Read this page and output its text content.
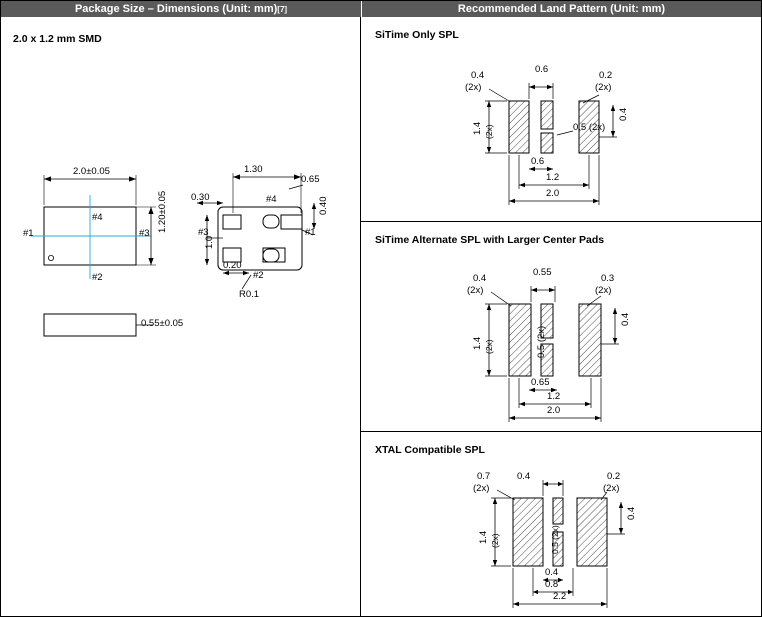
Package Size – Dimensions (Unit: mm) [7]	Recommended Land Pattern (Unit: mm)
2.0 x 1.2 mm SMD
2.0±0.05
1.20±0.05
#4
#2
#1	#3
0.55±0.05
1.30
0.65
0.40
0.30
0.20
1.0
R0.1
#4
#2
#3	#1
SiTime Only SPL
0.4
(2x)
0.6
0.2
(2x)
1.4 (2x)	0.5 (2x)
0.4
0.6
1.2
2.0
SiTime Alternate SPL with Larger Center Pads
0.4
(2x)
0.55
0.3
(2x)
1.4 (2x)	0.5 (2x)
0.4
0.65
1.2
2.0
XTAL Compatible SPL
0.7
(2x)
0.4	0.2
(2x)
1.4 (2x)	0.5 (2x)
0.4
0.4
0.8
2.2
